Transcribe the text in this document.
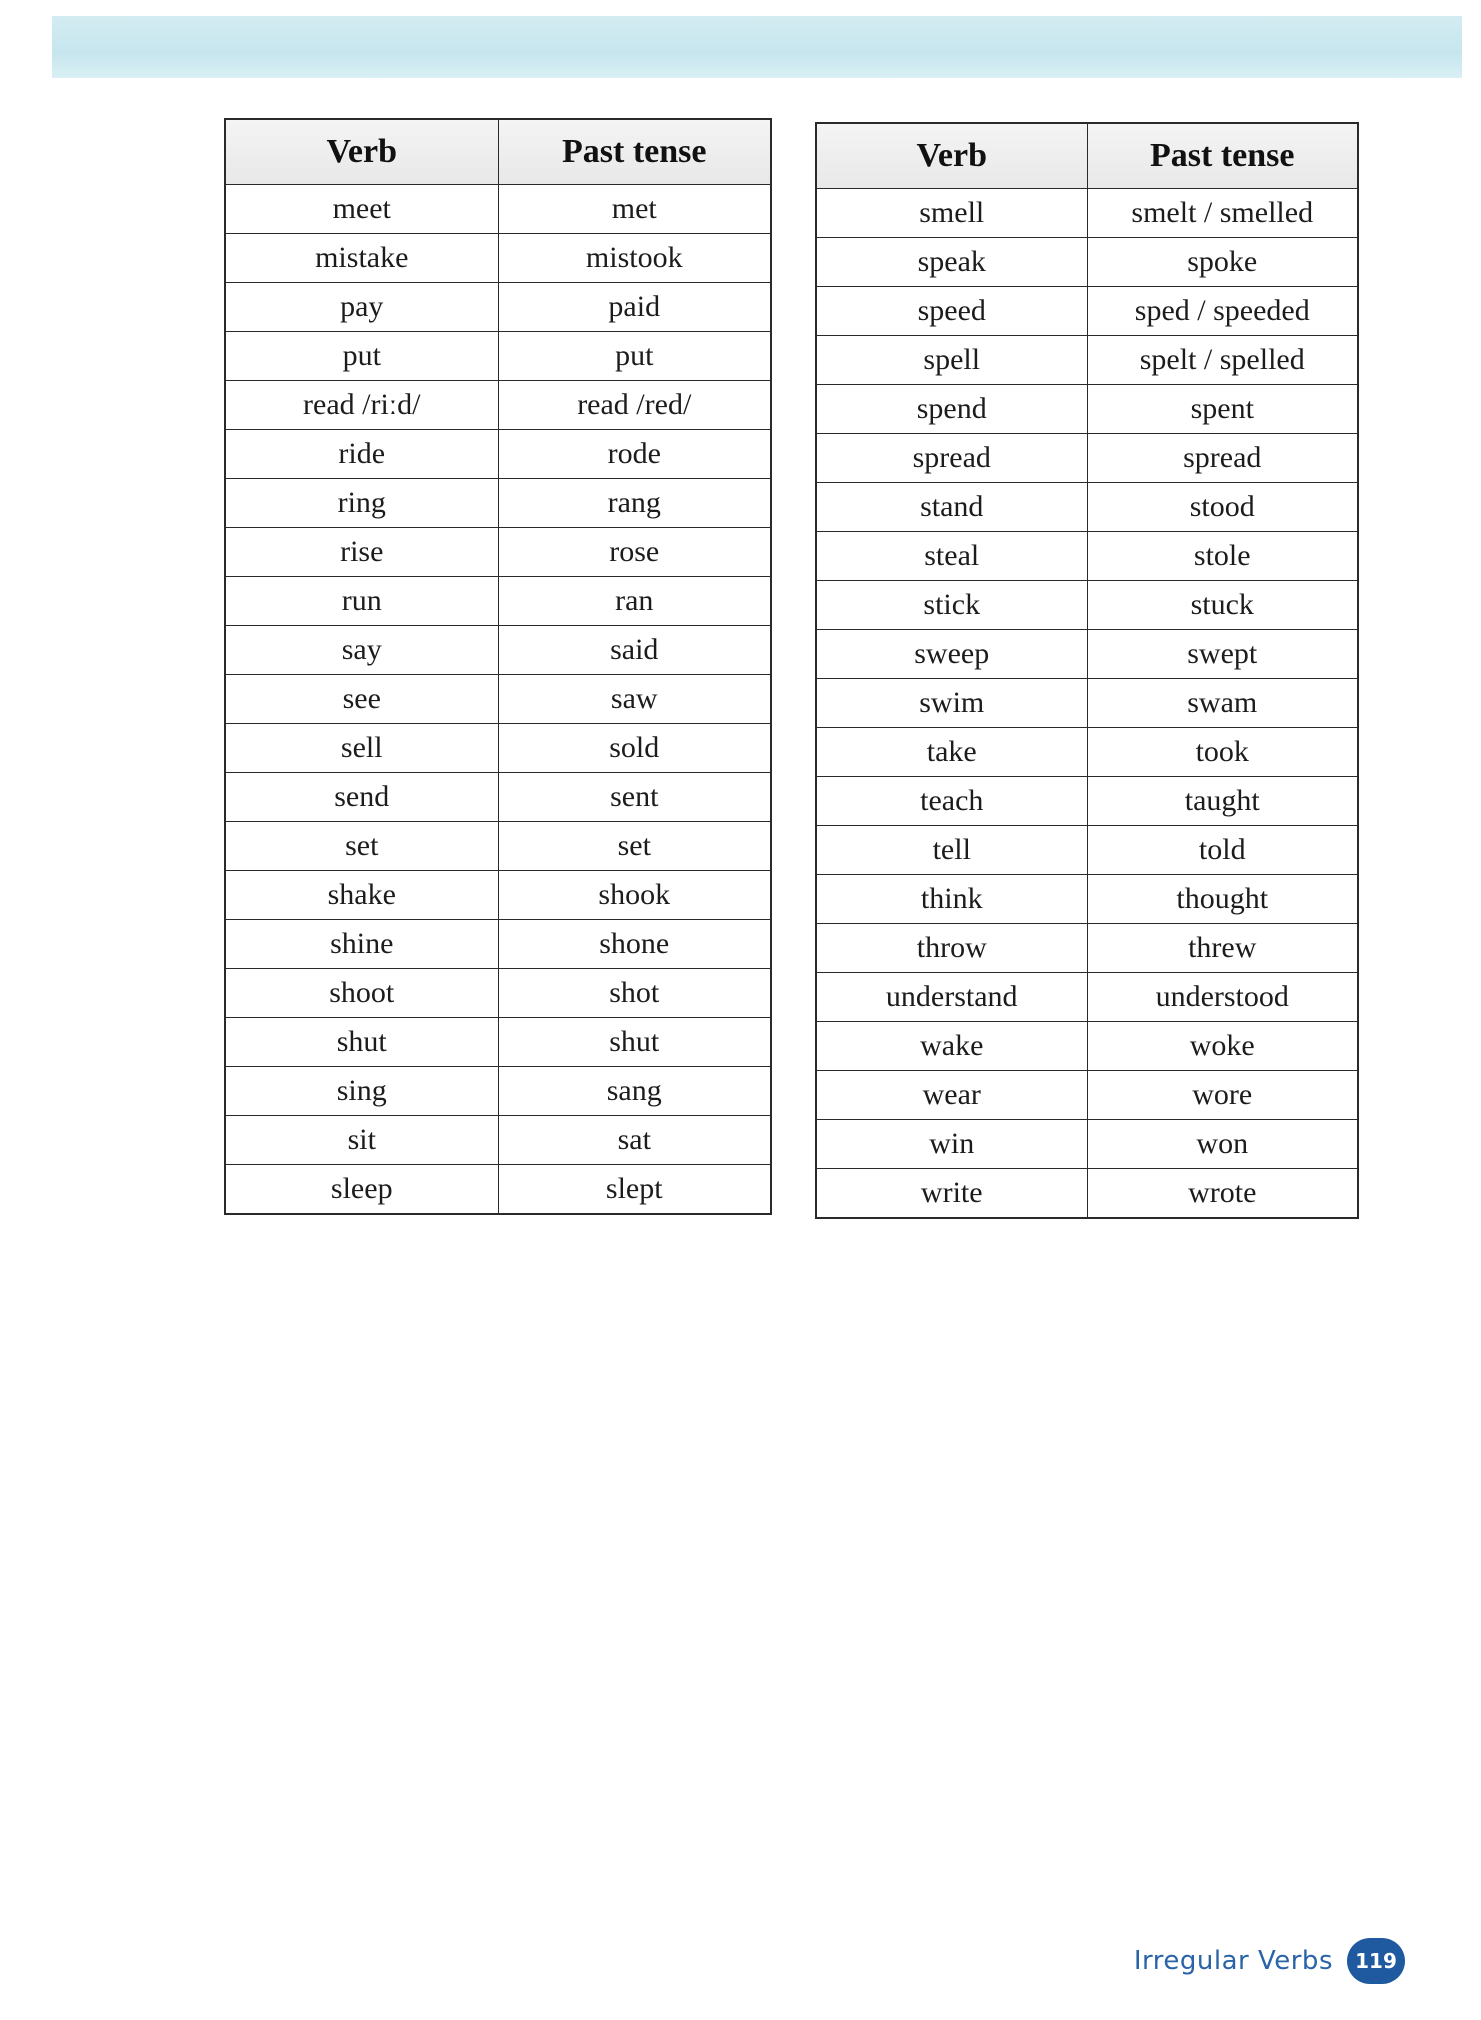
Verb	Past tense
meet	met
mistake	mistook
pay	paid
put	put
read /riːd/	read /red/
ride	rode
ring	rang
rise	rose
run	ran
say	said
see	saw
sell	sold
send	sent
set	set
shake	shook
shine	shone
shoot	shot
shut	shut
sing	sang
sit	sat
sleep	slept
Verb	Past tense
smell	smelt / smelled
speak	spoke
speed	sped / speeded
spell	spelt / spelled
spend	spent
spread	spread
stand	stood
steal	stole
stick	stuck
sweep	swept
swim	swam
take	took
teach	taught
tell	told
think	thought
throw	threw
understand	understood
wake	woke
wear	wore
win	won
write	wrote
Irregular Verbs	119
